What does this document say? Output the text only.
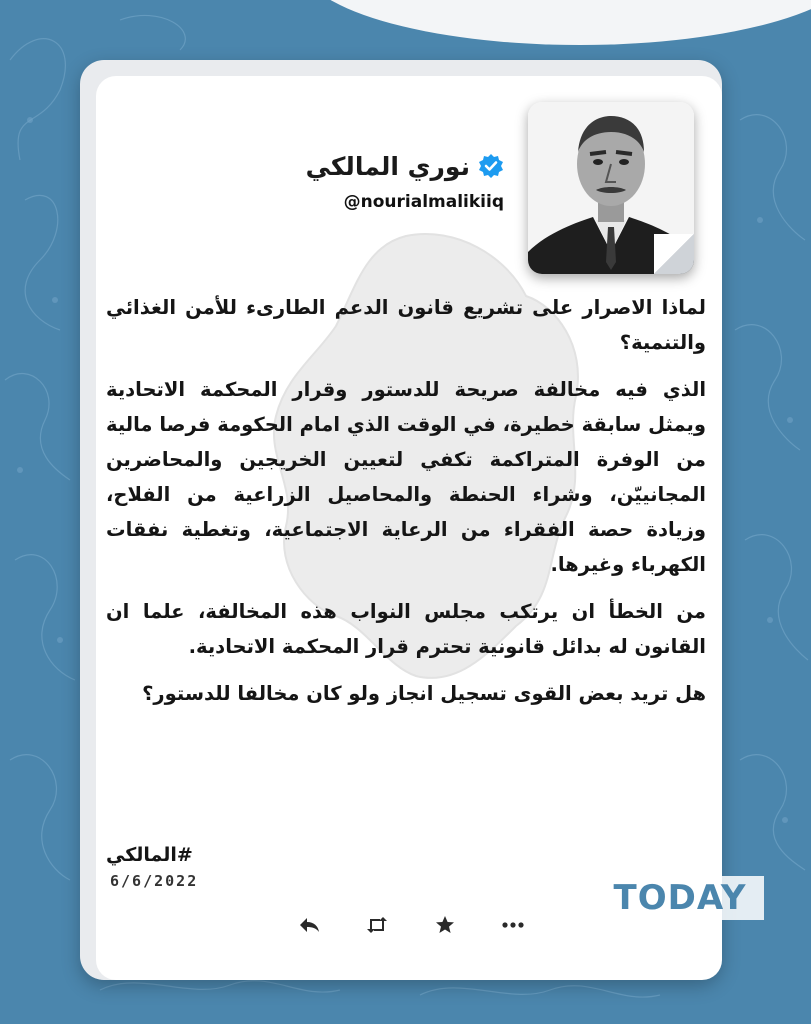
نوري المالكي
@nourialmalikiiq

لماذا الاصرار على تشريع قانون الدعم الطارىء للأمن الغذائي والتنمية؟

الذي فيه مخالفة صريحة للدستور وقرار المحكمة الاتحادية ويمثل سابقة خطيرة، في الوقت الذي امام الحكومة فرصا مالية من الوفرة المتراكمة تكفي لتعيين الخريجين والمحاضرين المجانييّن، وشراء الحنطة والمحاصيل الزراعية من الفلاح، وزيادة حصة الفقراء من الرعاية الاجتماعية، وتغطية نفقات الكهرباء وغيرها.

من الخطأ ان يرتكب مجلس النواب هذه المخالفة، علما ان القانون له بدائل قانونية تحترم قرار المحكمة الاتحادية.

هل تريد بعض القوى تسجيل انجاز ولو كان مخالفا للدستور؟

#المالكي
6/6/2022	TODAY
N E W S تودي نيوز
